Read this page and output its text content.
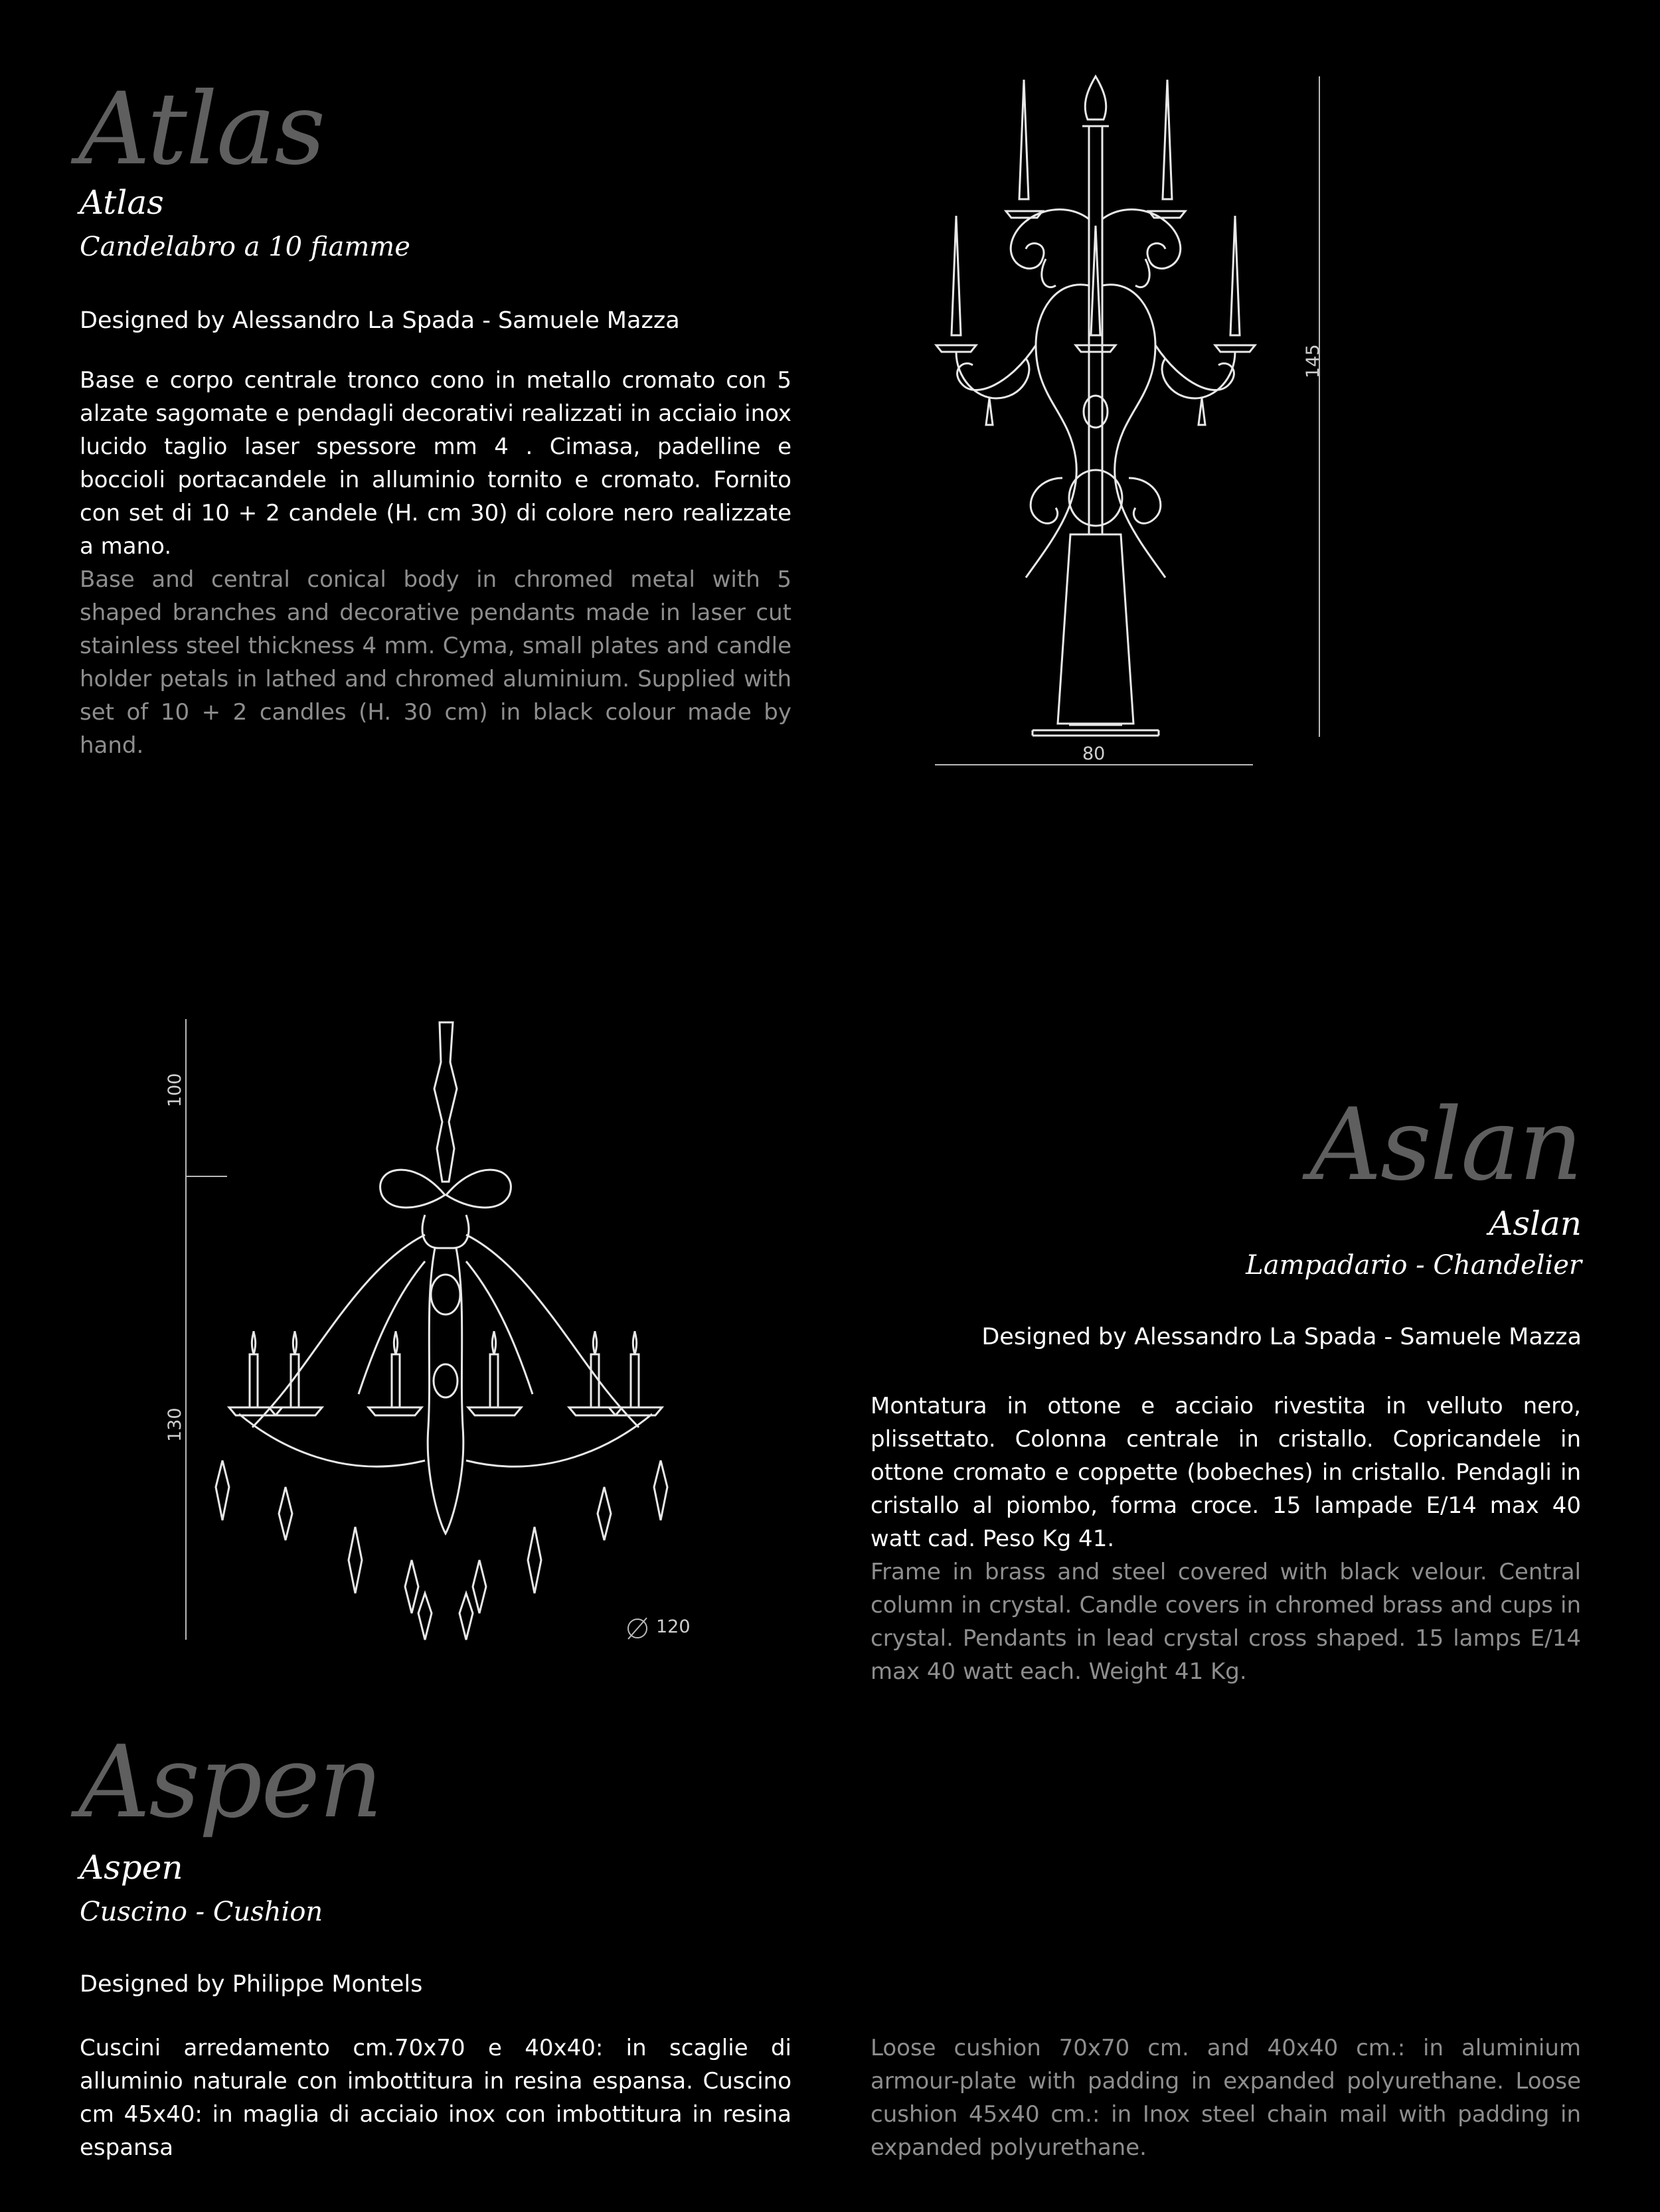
Atlas
Atlas
Candelabro a 10 fiamme
Designed by Alessandro La Spada - Samuele Mazza
Base e corpo centrale tronco cono in metallo cromato con 5 alzate sagomate e pendagli decorativi realizzati in acciaio inox lucido taglio laser spessore mm 4 . Cimasa, padelline e boccioli portacandele in alluminio tornito e cromato. Fornito con set di 10 + 2 candele (H. cm 30) di colore nero realizzate a mano.
Base and central conical body in chromed metal with 5 shaped branches and decorative pendants made in laser cut stainless steel thickness 4 mm. Cyma, small plates and candle holder petals in lathed and chromed aluminium. Supplied with set of 10 + 2 candles (H. 30 cm) in black colour made by hand.
145
80
100
130
120
Aslan
Aslan
Lampadario - Chandelier
Designed by Alessandro La Spada - Samuele Mazza
Montatura in ottone e acciaio rivestita in velluto nero, plissettato. Colonna centrale in cristallo. Copricandele in ottone cromato e coppette (bobeches) in cristallo. Pendagli in cristallo al piombo, forma croce. 15 lampade E/14 max 40 watt cad. Peso Kg 41.
Frame in brass and steel covered with black velour. Central column in crystal. Candle covers in chromed brass and cups in crystal. Pendants in lead crystal cross shaped. 15 lamps E/14 max 40 watt each. Weight 41 Kg.
Aspen
Aspen
Cuscino - Cushion
Designed by Philippe Montels
Cuscini arredamento cm.70x70 e 40x40: in scaglie di alluminio naturale con imbottitura in resina espansa. Cuscino cm 45x40: in maglia di acciaio inox con imbottitura in resina espansa
Loose cushion 70x70 cm. and 40x40 cm.: in aluminium armour-plate with padding in expanded polyurethane. Loose cushion 45x40 cm.: in Inox steel chain mail with padding in expanded polyurethane.
